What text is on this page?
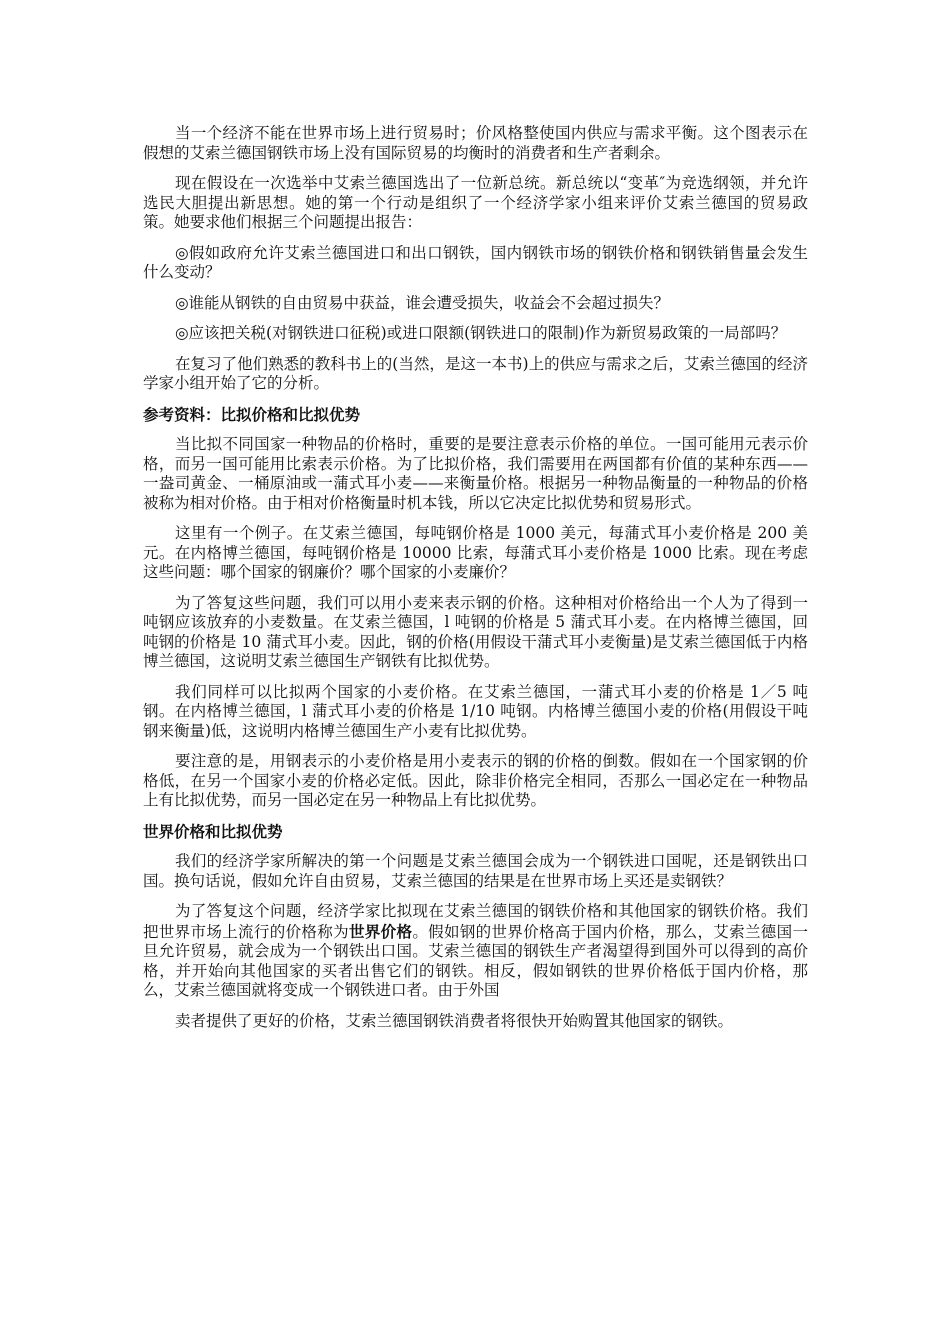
当一个经济不能在世界市场上进行贸易时；价风格整使国内供应与需求平衡。这个图表示在假想的艾索兰德国钢铁市场上没有国际贸易的均衡时的消费者和生产者剩余。

现在假设在一次选举中艾索兰德国选出了一位新总统。新总统以“变革″为竞选纲领，并允许选民大胆提出新思想。她的第一个行动是组织了一个经济学家小组来评价艾索兰德国的贸易政策。她要求他们根据三个问题提出报告：

◎假如政府允许艾索兰德国进口和出口钢铁，国内钢铁市场的钢铁价格和钢铁销售量会发生什么变动？

◎谁能从钢铁的自由贸易中获益，谁会遭受损失，收益会不会超过损失？

◎应该把关税(对钢铁进口征税)或进口限额(钢铁进口的限制)作为新贸易政策的一局部吗？

在复习了他们熟悉的教科书上的(当然，是这一本书)上的供应与需求之后，艾索兰德国的经济学家小组开始了它的分析。

参考资料：比拟价格和比拟优势

当比拟不同国家一种物品的价格时，重要的是要注意表示价格的单位。一国可能用元表示价格，而另一国可能用比索表示价格。为了比拟价格，我们需要用在两国都有价值的某种东西——一盎司黄金、一桶原油或一蒲式耳小麦——来衡量价格。根据另一种物品衡量的一种物品的价格被称为相对价格。由于相对价格衡量时机本钱，所以它决定比拟优势和贸易形式。

这里有一个例子。在艾索兰德国，每吨钢价格是 1000 美元，每蒲式耳小麦价格是 200 美元。在内格博兰德国，每吨钢价格是 10000 比索，每蒲式耳小麦价格是 1000 比索。现在考虑这些问题：哪个国家的钢廉价？哪个国家的小麦廉价？

为了答复这些问题，我们可以用小麦来表示钢的价格。这种相对价格给出一个人为了得到一吨钢应该放弃的小麦数量。在艾索兰德国，l 吨钢的价格是 5 蒲式耳小麦。在内格博兰德国，回吨钢的价格是 10 蒲式耳小麦。因此，钢的价格(用假设干蒲式耳小麦衡量)是艾索兰德国低于内格博兰德国，这说明艾索兰德国生产钢铁有比拟优势。

我们同样可以比拟两个国家的小麦价格。在艾索兰德国，一蒲式耳小麦的价格是 1／5 吨钢。在内格博兰德国，l 蒲式耳小麦的价格是 1/10 吨钢。内格博兰德国小麦的价格(用假设干吨钢来衡量)低，这说明内格博兰德国生产小麦有比拟优势。

要注意的是，用钢表示的小麦价格是用小麦表示的钢的价格的倒数。假如在一个国家钢的价格低，在另一个国家小麦的价格必定低。因此，除非价格完全相同，否那么一国必定在一种物品上有比拟优势，而另一国必定在另一种物品上有比拟优势。

世界价格和比拟优势

我们的经济学家所解决的第一个问题是艾索兰德国会成为一个钢铁进口国呢，还是钢铁出口国。换句话说，假如允许自由贸易，艾索兰德国的结果是在世界市场上买还是卖钢铁？

为了答复这个问题，经济学家比拟现在艾索兰德国的钢铁价格和其他国家的钢铁价格。我们把世界市场上流行的价格称为世界价格。假如钢的世界价格高于国内价格，那么，艾索兰德国一旦允许贸易，就会成为一个钢铁出口国。艾索兰德国的钢铁生产者渴望得到国外可以得到的高价格，并开始向其他国家的买者出售它们的钢铁。相反，假如钢铁的世界价格低于国内价格，那么，艾索兰德国就将变成一个钢铁进口者。由于外国

卖者提供了更好的价格，艾索兰德国钢铁消费者将很快开始购置其他国家的钢铁。
